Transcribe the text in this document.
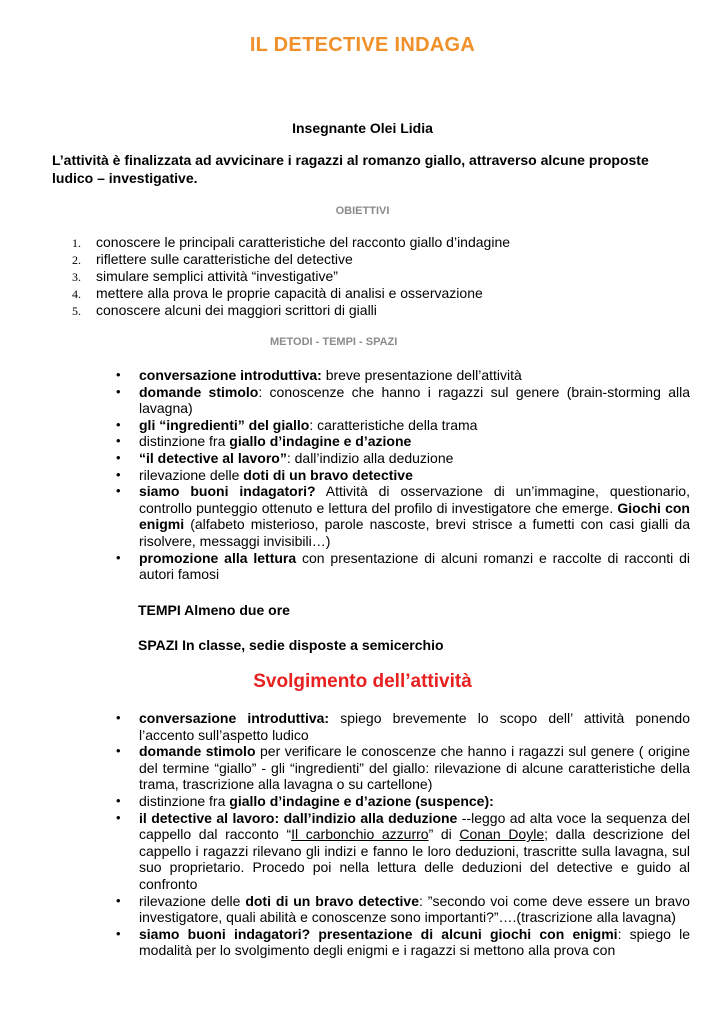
IL DETECTIVE INDAGA
Insegnante Olei Lidia
L’attività è finalizzata ad avvicinare i ragazzi al romanzo giallo, attraverso alcune proposte ludico – investigative.
OBIETTIVI
1. conoscere le principali caratteristiche del racconto giallo d’indagine
2. riflettere sulle caratteristiche del detective
3. simulare semplici attività “investigative”
4. mettere alla prova le proprie capacità di analisi e osservazione
5. conoscere alcuni dei maggiori scrittori di gialli
METODI - TEMPI - SPAZI
• conversazione introduttiva: breve presentazione dell’attività
• domande stimolo: conoscenze che hanno i ragazzi sul genere (brain-storming alla lavagna)
• gli “ingredienti” del giallo: caratteristiche della trama
• distinzione fra giallo d’indagine e d’azione
• “il detective al lavoro”: dall’indizio alla deduzione
• rilevazione delle doti di un bravo detective
• siamo buoni indagatori? Attività di osservazione di un’immagine, questionario, controllo punteggio ottenuto e lettura del profilo di investigatore che emerge. Giochi con enigmi (alfabeto misterioso, parole nascoste, brevi strisce a fumetti con casi gialli da risolvere, messaggi invisibili…)
• promozione alla lettura con presentazione di alcuni romanzi e raccolte di racconti di autori famosi
TEMPI Almeno due ore
SPAZI In classe, sedie disposte a semicerchio
Svolgimento dell’attività
• conversazione introduttiva: spiego brevemente lo scopo dell’ attività ponendo l’accento sull’aspetto ludico
• domande stimolo per verificare le conoscenze che hanno i ragazzi sul genere ( origine del termine “giallo” - gli “ingredienti” del giallo: rilevazione di alcune caratteristiche della trama, trascrizione alla lavagna o su cartellone)
• distinzione fra giallo d’indagine e d’azione (suspence):
• il detective al lavoro: dall’indizio alla deduzione --leggo ad alta voce la sequenza del cappello dal racconto “Il carbonchio azzurro” di Conan Doyle; dalla descrizione del cappello i ragazzi rilevano gli indizi e fanno le loro deduzioni, trascritte sulla lavagna, sul suo proprietario. Procedo poi nella lettura delle deduzioni del detective e guido al confronto
• rilevazione delle doti di un bravo detective: ”secondo voi come deve essere un bravo investigatore, quali abilità e conoscenze sono importanti?”….(trascrizione alla lavagna)
• siamo buoni indagatori? presentazione di alcuni giochi con enigmi: spiego le modalità per lo svolgimento degli enigmi e i ragazzi si mettono alla prova con
